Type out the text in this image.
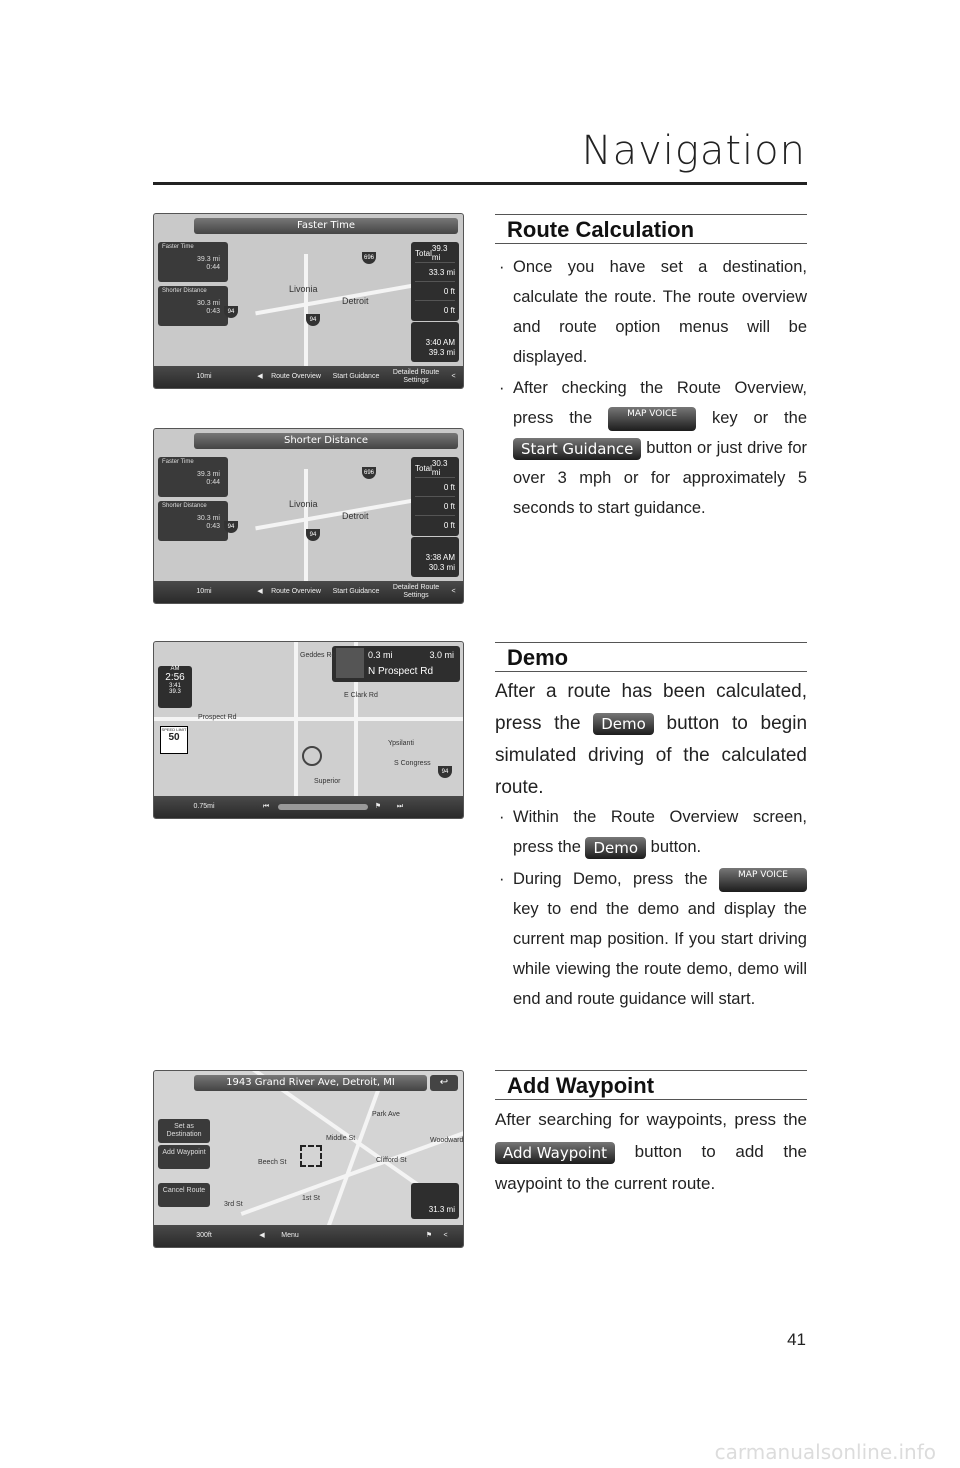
Navigation
Faster Time
Faster Time
39.3 mi
0:44
Shorter Distance
30.3 mi
0:43
Livonia
Detroit
696
94
94
Total 39.3 mi
33.3 mi
0 ft
0 ft
3:40 AM
39.3 mi
10mi	◀	Route Overview	Start Guidance
Detailed Route Settings
<
Shorter Distance
Faster Time
39.3 mi
0:44
Shorter Distance
30.3 mi
0:43
Livonia
Detroit
696
94
94
Total 30.3 mi
0 ft
0 ft
0 ft
3:38 AM
30.3 mi
10mi	◀	Route Overview	Start Guidance
Detailed Route Settings
<
0.3 mi	3.0 mi
N Prospect Rd
AM
2:56
3:41
39.3
SPEED LIMIT
50
Geddes Rd
E Clark Rd
Prospect Rd
Superior
Ypsilanti
S Congress
94
0.75mi	⏮	⚑	⏭
1943 Grand River Ave, Detroit, MI	↩
Set as Destination
Add Waypoint
Cancel Route
Park Ave
Middle St
Clifford St
Beech St
1st St
3rd St
Woodward
31.3 mi
300ft	◀	Menu	⚑	<
Route Calculation
· Once you have set a destination, calculate the route. The route overview and route option menus will be displayed.
· After checking the Route Overview, press the	MAP VOICE key or the Start Guidance button or just drive for over 3 mph or for approximately 5 seconds to start guidance.
Demo
After a route has been calculated, press the Demo button to begin simulated driving of the calculated route.
· Within the Route Overview screen, press the Demo button.
· During Demo, press the	MAP VOICE key to end the demo and display the current map position. If you start driving while viewing the route demo, demo will end and route guidance will start.
Add Waypoint
After searching for waypoints, press the Add Waypoint button to add the waypoint to the current route.
41
carmanualsonline.info
